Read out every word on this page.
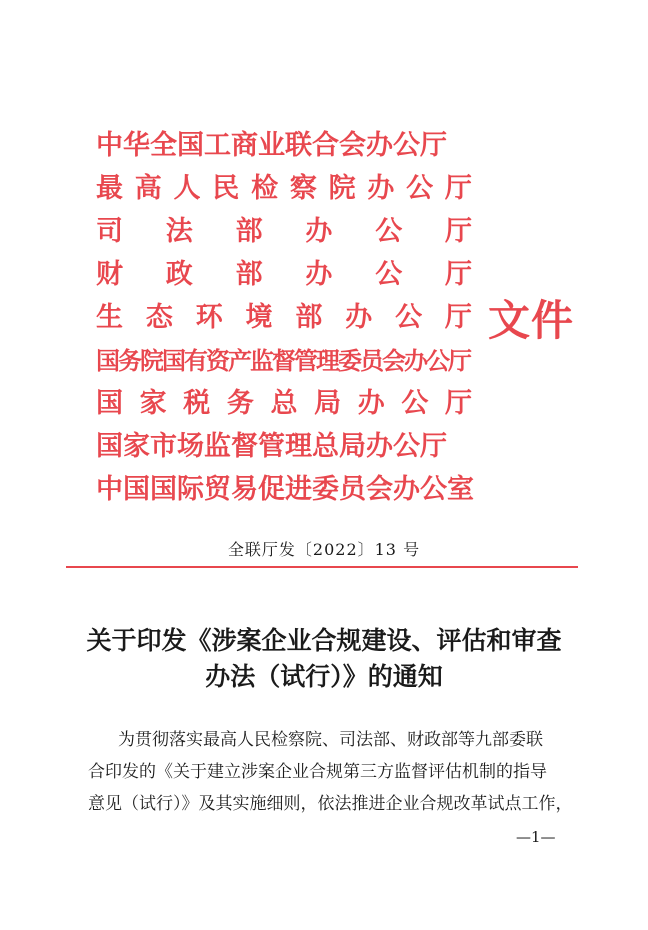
中华全国工商业联合会办公厅
最 高 人 民 检 察 院 办 公 厅
司 法 部 办 公 厅
财 政 部 办 公 厅
生 态 环 境 部 办 公 厅
国务院国有资产监督管理委员会办公厅
国 家 税 务 总 局 办 公 厅
国家市场监督管理总局办公厅
中国国际贸易促进委员会办公室
文件
全联厅发〔2022〕13 号
关于印发《涉案企业合规建设、评估和审查
办法（试行）》的通知
为贯彻落实最高人民检察院、司法部、财政部等九部委联
合印发的《关于建立涉案企业合规第三方监督评估机制的指导
意见（试行）》及其实施细则，依法推进企业合规改革试点工作，
—1—
